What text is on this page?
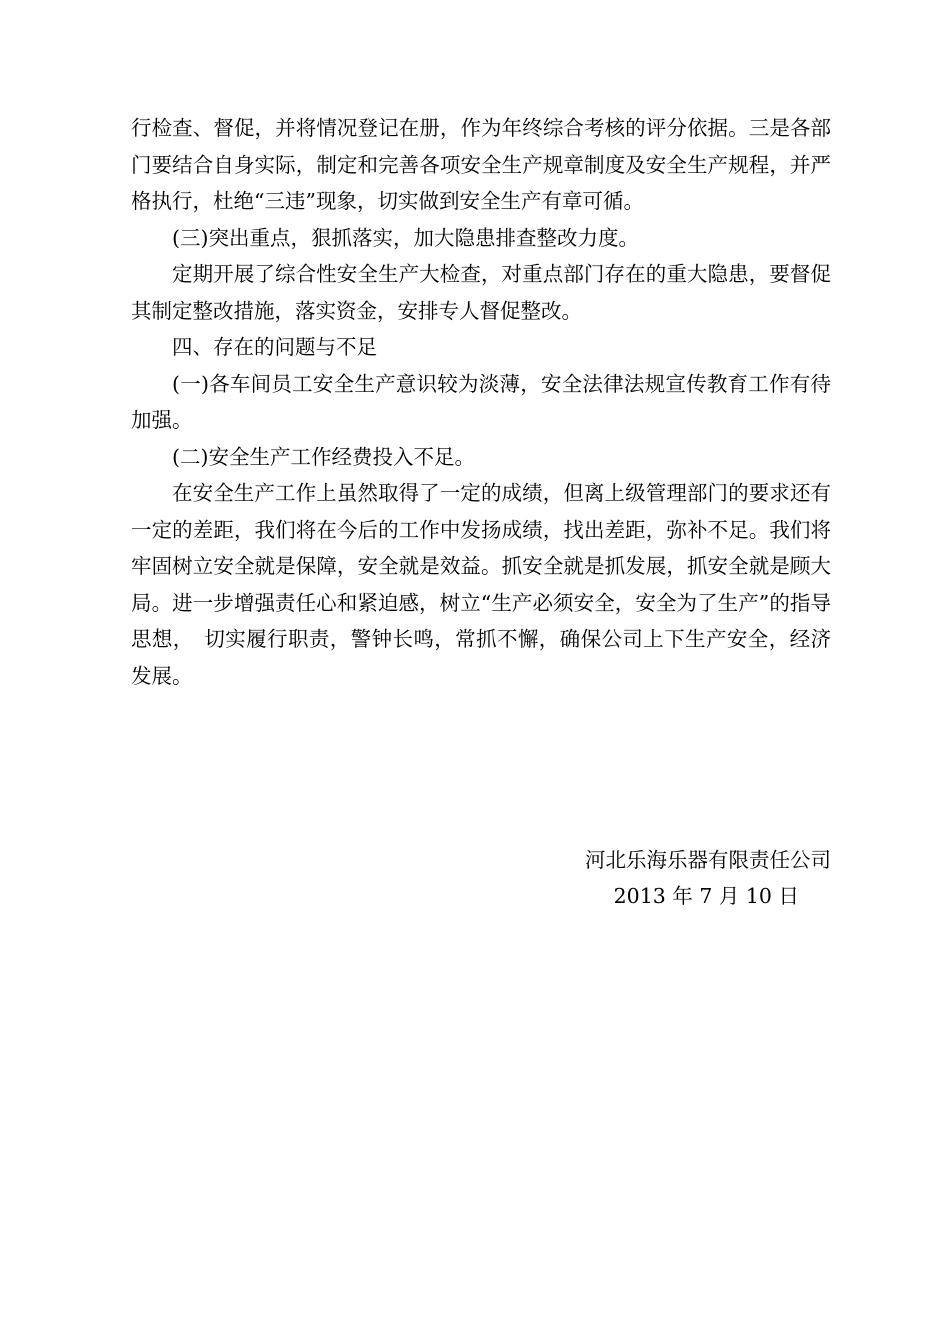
行检查、督促，并将情况登记在册，作为年终综合考核的评分依据。三是各部门要结合自身实际，制定和完善各项安全生产规章制度及安全生产规程，并严格执行，杜绝“三违”现象，切实做到安全生产有章可循。

(三)突出重点，狠抓落实，加大隐患排查整改力度。

定期开展了综合性安全生产大检查，对重点部门存在的重大隐患，要督促其制定整改措施，落实资金，安排专人督促整改。

四、存在的问题与不足

(一)各车间员工安全生产意识较为淡薄，安全法律法规宣传教育工作有待加强。

(二)安全生产工作经费投入不足。

在安全生产工作上虽然取得了一定的成绩，但离上级管理部门的要求还有一定的差距，我们将在今后的工作中发扬成绩，找出差距，弥补不足。我们将牢固树立安全就是保障，安全就是效益。抓安全就是抓发展，抓安全就是顾大局。进一步增强责任心和紧迫感，树立“生产必须安全，安全为了生产”的指导思想，　切实履行职责，警钟长鸣，常抓不懈，确保公司上下生产安全，经济发展。

河北乐海乐器有限责任公司
2013 年 7 月 10 日
